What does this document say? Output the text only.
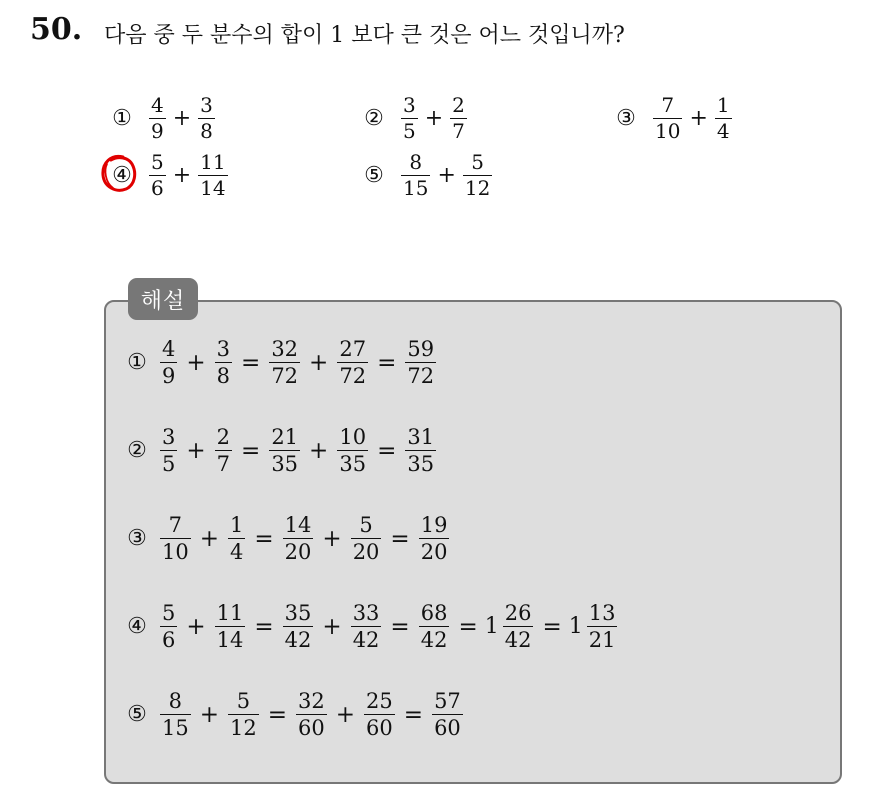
50. 다음 중 두 분수의 합이 1 보다 큰 것은 어느 것입니까?
① $\frac{4}{9} + \frac{3}{8}$	② $\frac{3}{5} + \frac{2}{7}$	③ $\frac{7}{10} + \frac{1}{4}$
④ $\frac{5}{6} + \frac{11}{14}$	⑤ $\frac{8}{15} + \frac{5}{12}$
해설
① $\frac{4}{9} + \frac{3}{8} = \frac{32}{72} + \frac{27}{72} = \frac{59}{72}$
② $\frac{3}{5} + \frac{2}{7} = \frac{21}{35} + \frac{10}{35} = \frac{31}{35}$
③ $\frac{7}{10} + \frac{1}{4} = \frac{14}{20} + \frac{5}{20} = \frac{19}{20}$
④ $\frac{5}{6} + \frac{11}{14} = \frac{35}{42} + \frac{33}{42} = \frac{68}{42} = 1 \frac{26}{42} = 1 \frac{13}{21}$
⑤ $\frac{8}{15} + \frac{5}{12} = \frac{32}{60} + \frac{25}{60} = \frac{57}{60}$
